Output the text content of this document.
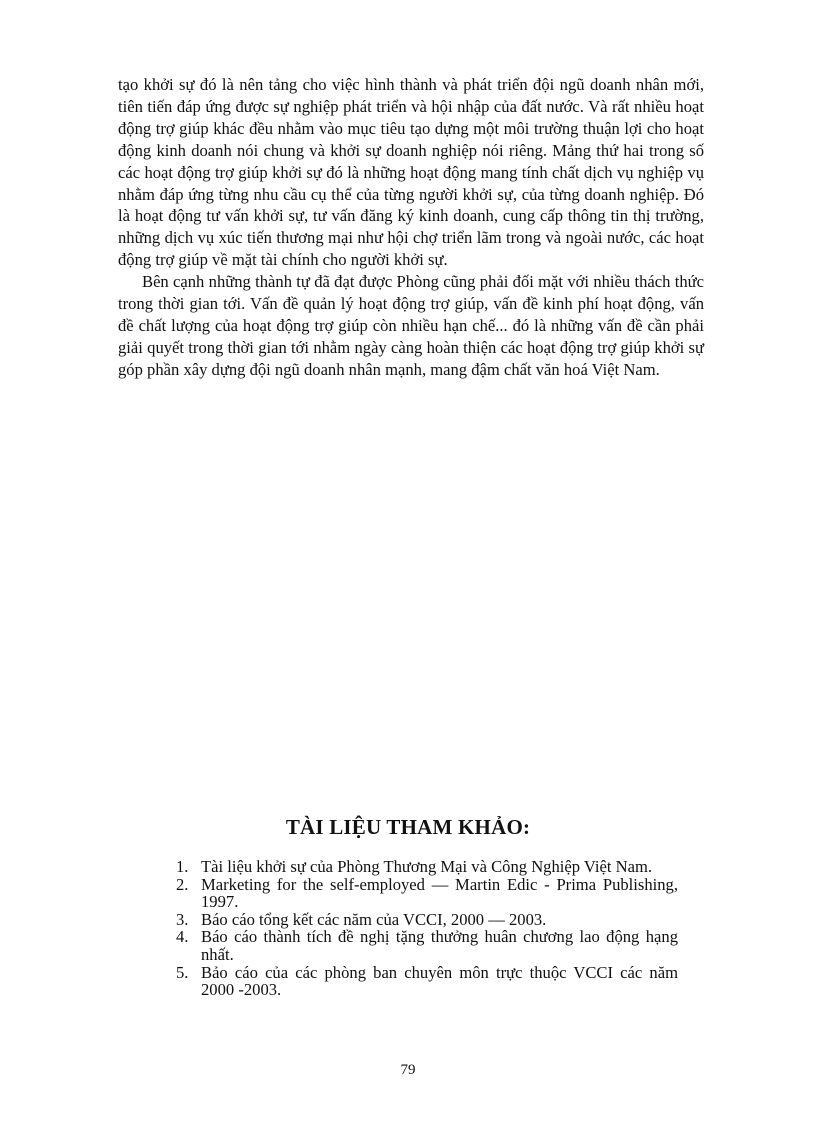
tạo khởi sự đó là nên tảng cho việc hình thành và phát triển đội ngũ doanh nhân mới, tiên tiến đáp ứng được sự nghiệp phát triển và hội nhập của đất nước. Và rất nhiều hoạt động trợ giúp khác đều nhằm vào mục tiêu tạo dựng một môi trường thuận lợi cho hoạt động kinh doanh nói chung và khởi sự doanh nghiệp nói riêng. Mảng thứ hai trong số các hoạt động trợ giúp khởi sự đó là những hoạt động mang tính chất dịch vụ nghiệp vụ nhằm đáp ứng từng nhu cầu cụ thể của từng người khởi sự, của từng doanh nghiệp. Đó là hoạt động tư vấn khởi sự, tư vấn đăng ký kinh doanh, cung cấp thông tin thị trường, những dịch vụ xúc tiến thương mại như hội chợ triển lãm trong và ngoài nước, các hoạt động trợ giúp về mặt tài chính cho người khởi sự.

Bên cạnh những thành tự đã đạt được Phòng cũng phải đối mặt với nhiều thách thức trong thời gian tới. Vấn đề quản lý hoạt động trợ giúp, vấn đề kinh phí hoạt động, vấn đề chất lượng của hoạt động trợ giúp còn nhiều hạn chế... đó là những vấn đề cần phải giải quyết trong thời gian tới nhằm ngày càng hoàn thiện các hoạt động trợ giúp khởi sự góp phần xây dựng đội ngũ doanh nhân mạnh, mang đậm chất văn hoá Việt Nam.

TÀI LIỆU THAM KHẢO:
1. Tài liệu khởi sự của Phòng Thương Mại và Công Nghiệp Việt Nam.
2. Marketing for the self-employed — Martin Edic - Prima Publishing, 1997.
3. Báo cáo tổng kết các năm của VCCI, 2000 — 2003.
4. Báo cáo thành tích đề nghị tặng thưởng huân chương lao động hạng nhất.
5. Bảo cáo của các phòng ban chuyên môn trực thuộc VCCI các năm 2000 -2003.
79
